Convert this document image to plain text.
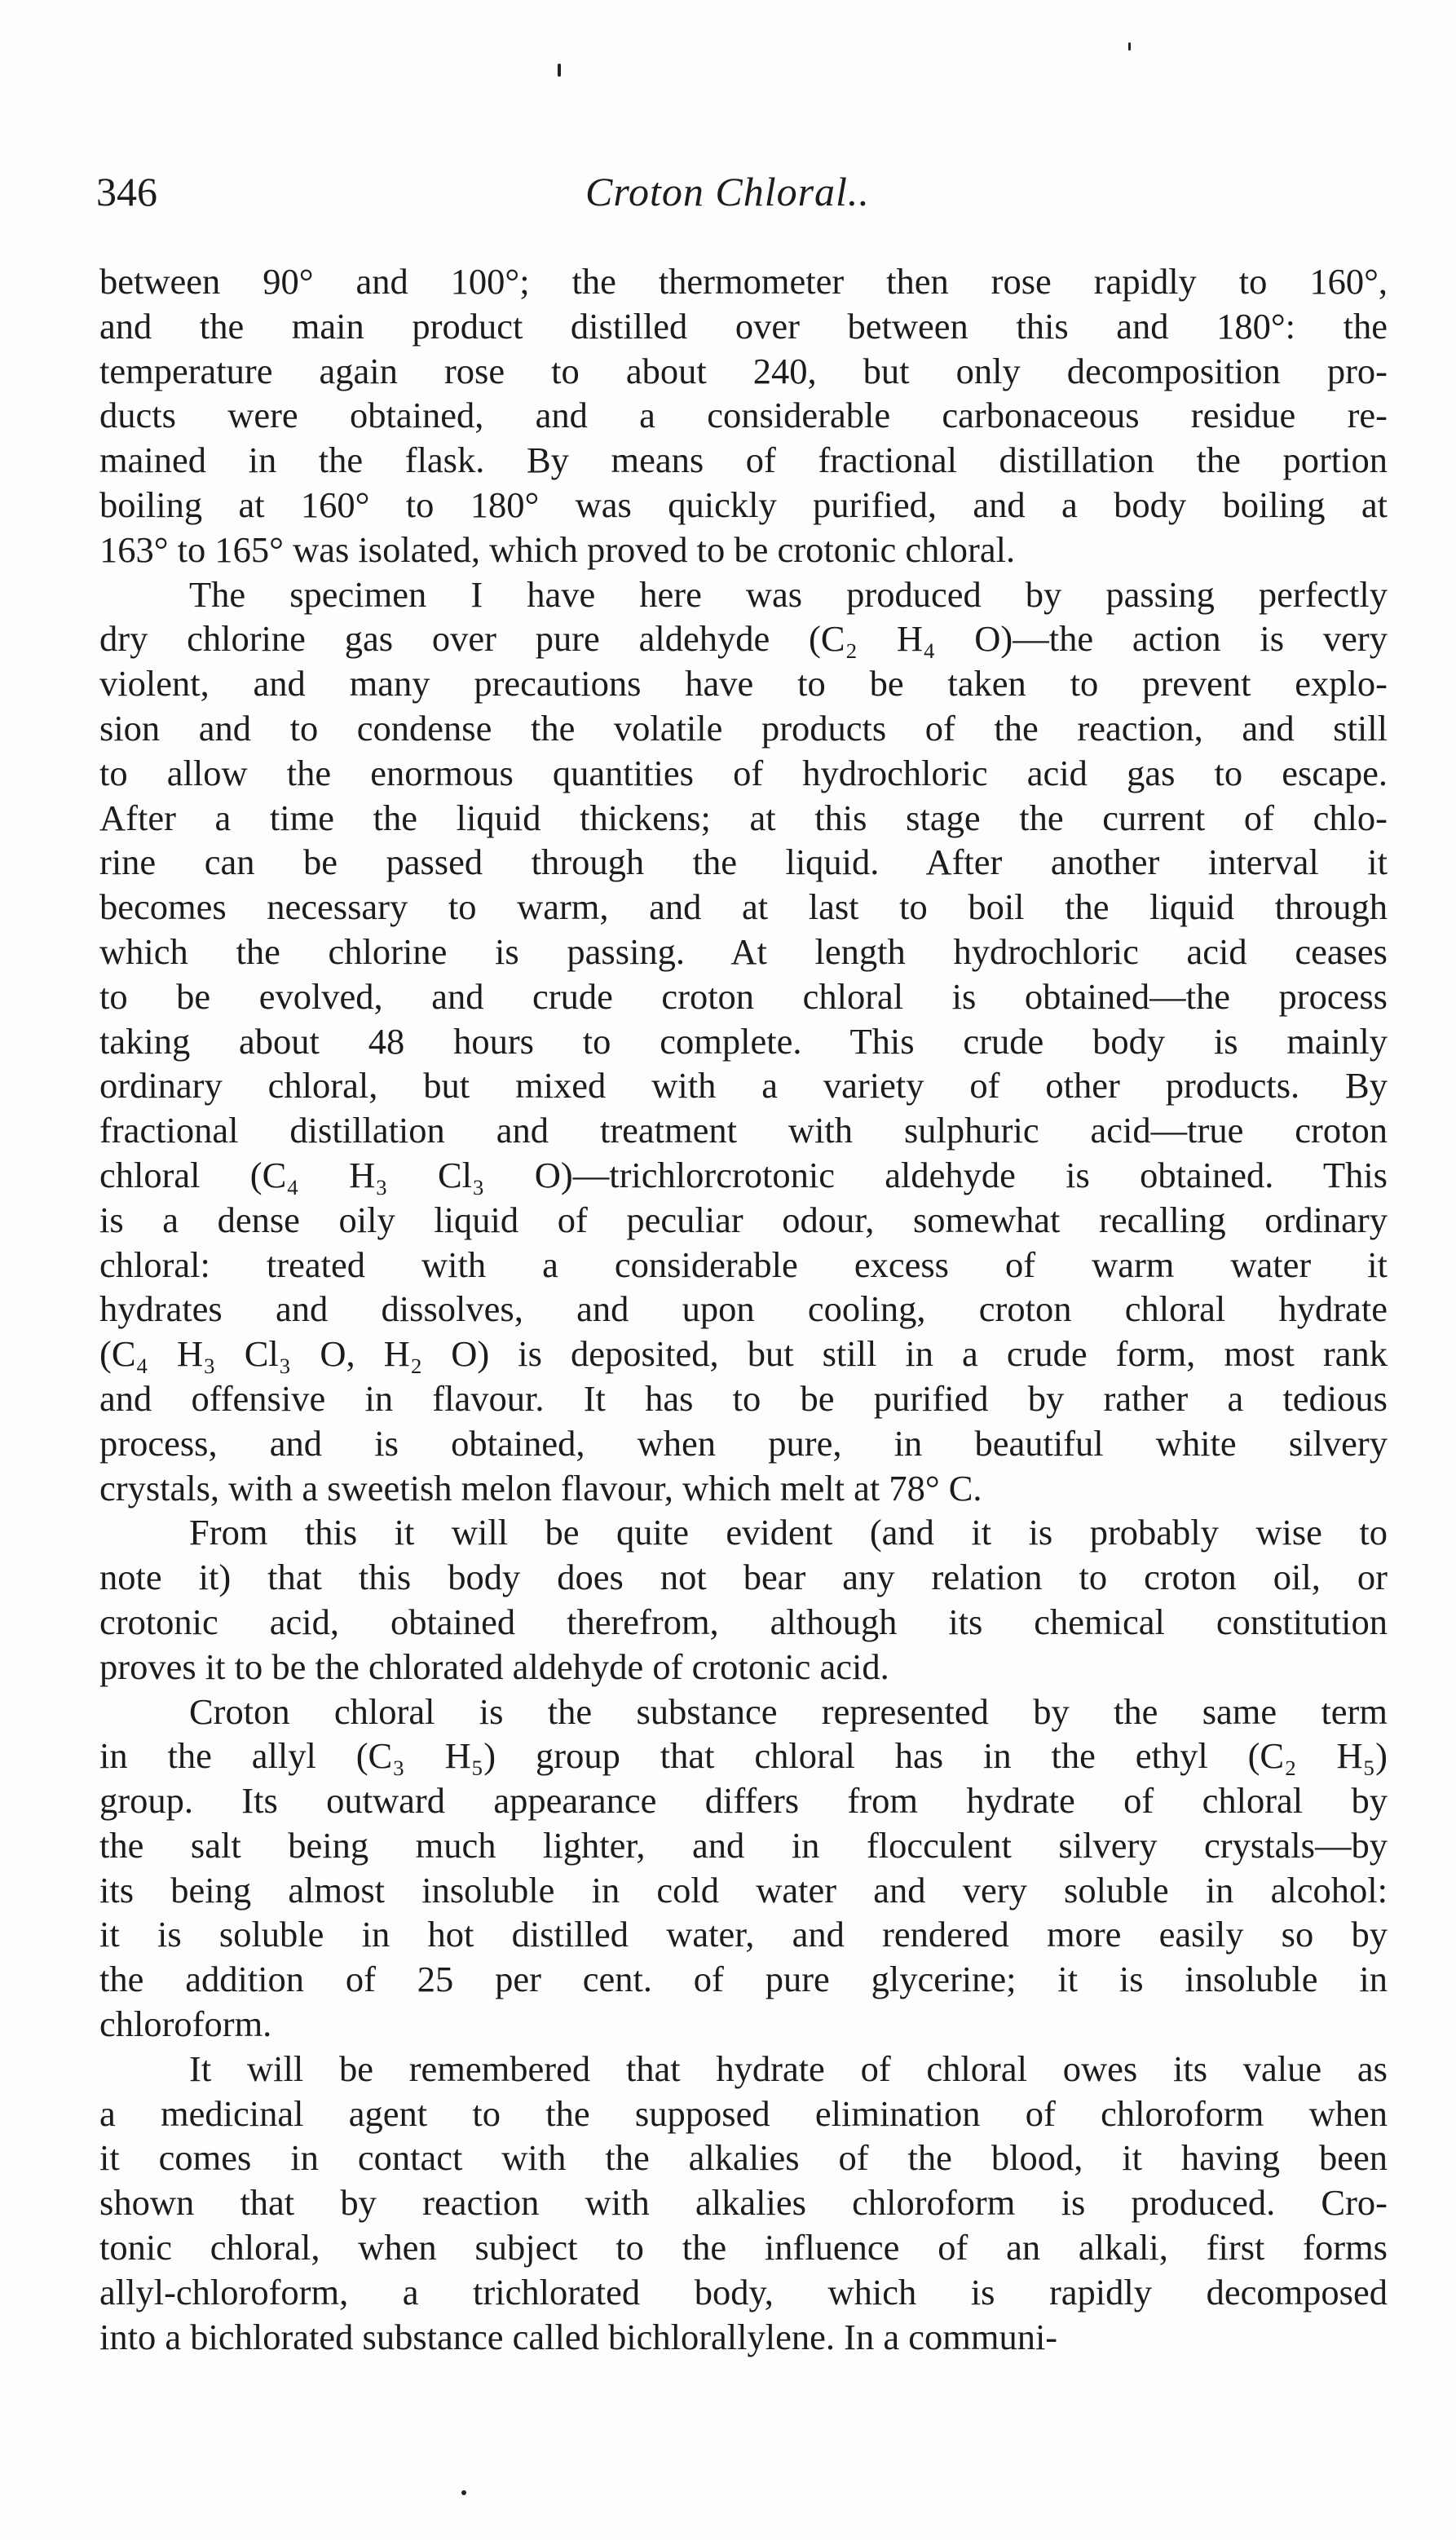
346	Croton Chloral..
between 90° and 100°; the thermometer then rose rapidly to 160°,
and the main product distilled over between this and 180°: the
temperature again rose to about 240, but only decomposition pro-
ducts were obtained, and a considerable carbonaceous residue re-
mained in the flask. By means of fractional distillation the portion
boiling at 160° to 180° was quickly purified, and a body boiling at
163° to 165° was isolated, which proved to be crotonic chloral.
The specimen I have here was produced by passing perfectly
dry chlorine gas over pure aldehyde (C₂ H₄ O)—the action is very
violent, and many precautions have to be taken to prevent explo-
sion and to condense the volatile products of the reaction, and still
to allow the enormous quantities of hydrochloric acid gas to escape.
After a time the liquid thickens; at this stage the current of chlo-
rine can be passed through the liquid. After another interval it
becomes necessary to warm, and at last to boil the liquid through
which the chlorine is passing. At length hydrochloric acid ceases
to be evolved, and crude croton chloral is obtained—the process
taking about 48 hours to complete. This crude body is mainly
ordinary chloral, but mixed with a variety of other products. By
fractional distillation and treatment with sulphuric acid—true croton
chloral (C₄ H₃ Cl₃ O)—trichlorcrotonic aldehyde is obtained. This
is a dense oily liquid of peculiar odour, somewhat recalling ordinary
chloral: treated with a considerable excess of warm water it
hydrates and dissolves, and upon cooling, croton chloral hydrate
(C₄ H₃ Cl₃ O, H₂ O) is deposited, but still in a crude form, most rank
and offensive in flavour. It has to be purified by rather a tedious
process, and is obtained, when pure, in beautiful white silvery
crystals, with a sweetish melon flavour, which melt at 78° C.
From this it will be quite evident (and it is probably wise to
note it) that this body does not bear any relation to croton oil, or
crotonic acid, obtained therefrom, although its chemical constitution
proves it to be the chlorated aldehyde of crotonic acid.
Croton chloral is the substance represented by the same term
in the allyl (C₃ H₅) group that chloral has in the ethyl (C₂ H₅)
group. Its outward appearance differs from hydrate of chloral by
the salt being much lighter, and in flocculent silvery crystals—by
its being almost insoluble in cold water and very soluble in alcohol:
it is soluble in hot distilled water, and rendered more easily so by
the addition of 25 per cent. of pure glycerine; it is insoluble in
chloroform.
It will be remembered that hydrate of chloral owes its value as
a medicinal agent to the supposed elimination of chloroform when
it comes in contact with the alkalies of the blood, it having been
shown that by reaction with alkalies chloroform is produced. Cro-
tonic chloral, when subject to the influence of an alkali, first forms
allyl-chloroform, a trichlorated body, which is rapidly decomposed
into a bichlorated substance called bichlorallylene. In a communi-
